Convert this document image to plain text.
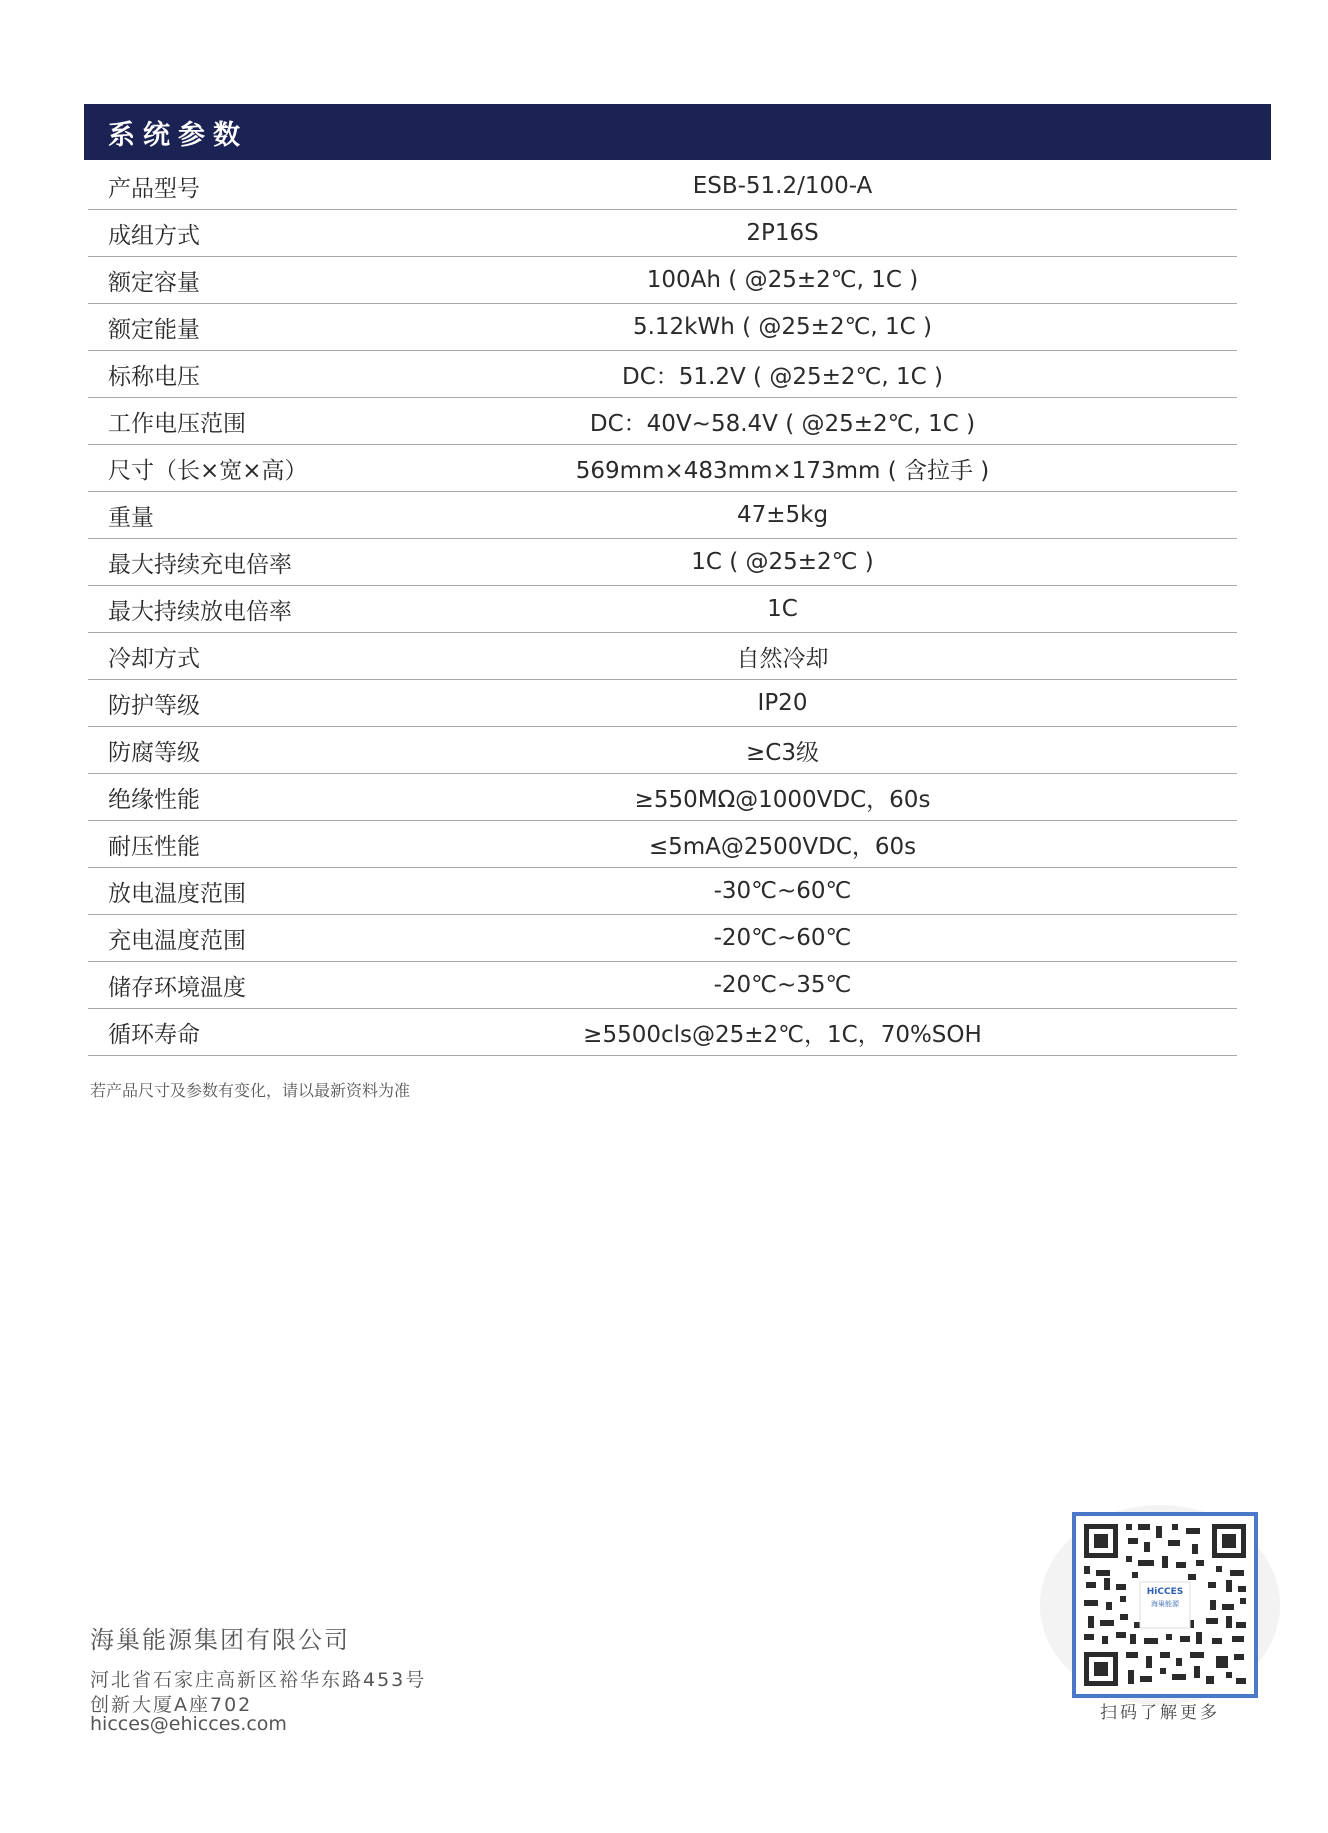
系统参数
产品型号	ESB-51.2/100-A
成组方式	2P16S
额定容量	100Ah ( @25±2℃, 1C )
额定能量	5.12kWh ( @25±2℃, 1C )
标称电压	DC：51.2V ( @25±2℃, 1C )
工作电压范围	DC：40V~58.4V ( @25±2℃, 1C )
尺寸（长×宽×高）	569mm×483mm×173mm ( 含拉手 )
重量	47±5kg
最大持续充电倍率	1C ( @25±2℃ )
最大持续放电倍率	1C
冷却方式	自然冷却
防护等级	IP20
防腐等级	≥C3级
绝缘性能	≥550MΩ@1000VDC，60s
耐压性能	≤5mA@2500VDC，60s
放电温度范围	-30℃~60℃
充电温度范围	-20℃~60℃
储存环境温度	-20℃~35℃
循环寿命	≥5500cls@25±2℃，1C，70%SOH
若产品尺寸及参数有变化，请以最新资料为准
海巢能源集团有限公司
河北省石家庄高新区裕华东路453号
创新大厦A座702
hicces@ehicces.com
HiCCES
海巢能源
扫码了解更多
